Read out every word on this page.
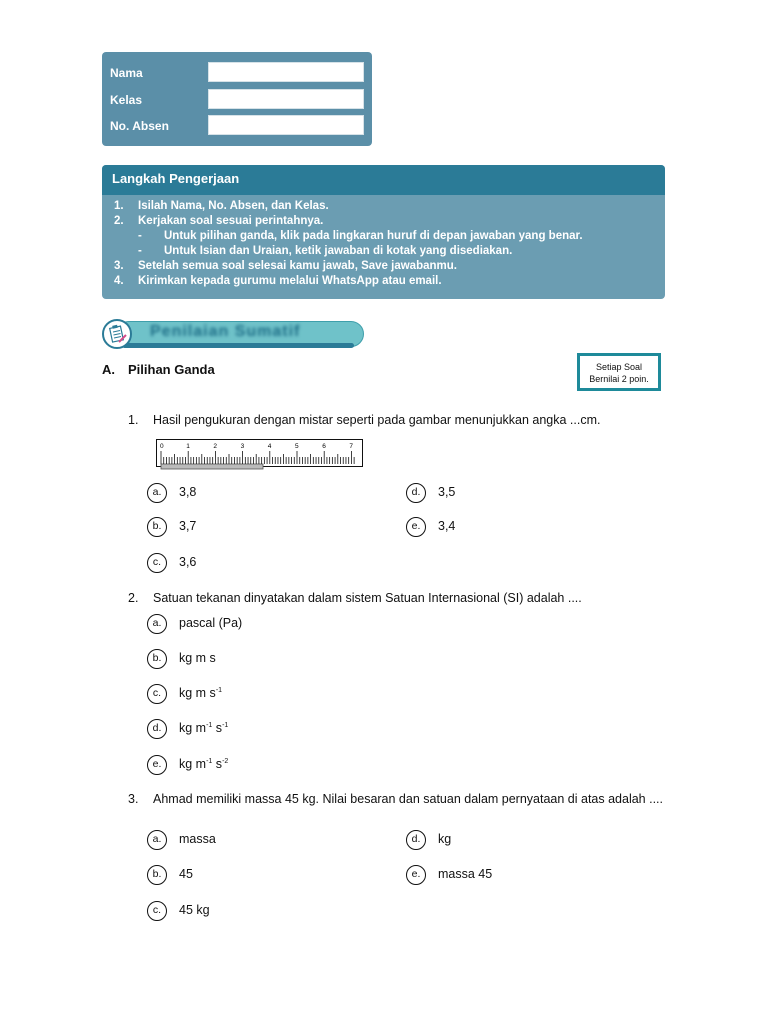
Nama
Kelas
No. Absen
Langkah Pengerjaan
1. Isilah Nama, No. Absen, dan Kelas.
2. Kerjakan soal sesuai perintahnya.
- Untuk pilihan ganda, klik pada lingkaran huruf di depan jawaban yang benar.
- Untuk Isian dan Uraian, ketik jawaban di kotak yang disediakan.
3. Setelah semua soal selesai kamu jawab, Save jawabanmu.
4. Kirimkan kepada gurumu melalui WhatsApp atau email.
Penilaian Sumatif
A. Pilihan Ganda	Setiap Soal
Bernilai 2 poin.
1. Hasil pengukuran dengan mistar seperti pada gambar menunjukkan angka ...cm.
0	1	2	3	4	5	6	7
a.	3,8
b.	3,7
c.	3,6
d.	3,5
e.	3,4
2. Satuan tekanan dinyatakan dalam sistem Satuan Internasional (SI) adalah ....
a.	pascal (Pa)
b.	kg m s
c.	kg m $s^{-1}$
d.	kg $m^{-1}$ $s^{-1}$
e.	kg $m^{-1}$ $s^{-2}$
3. Ahmad memiliki massa 45 kg. Nilai besaran dan satuan dalam pernyataan di atas adalah ....
a.	massa
b.	45
c.	45 kg
d.	kg
e.	massa 45
